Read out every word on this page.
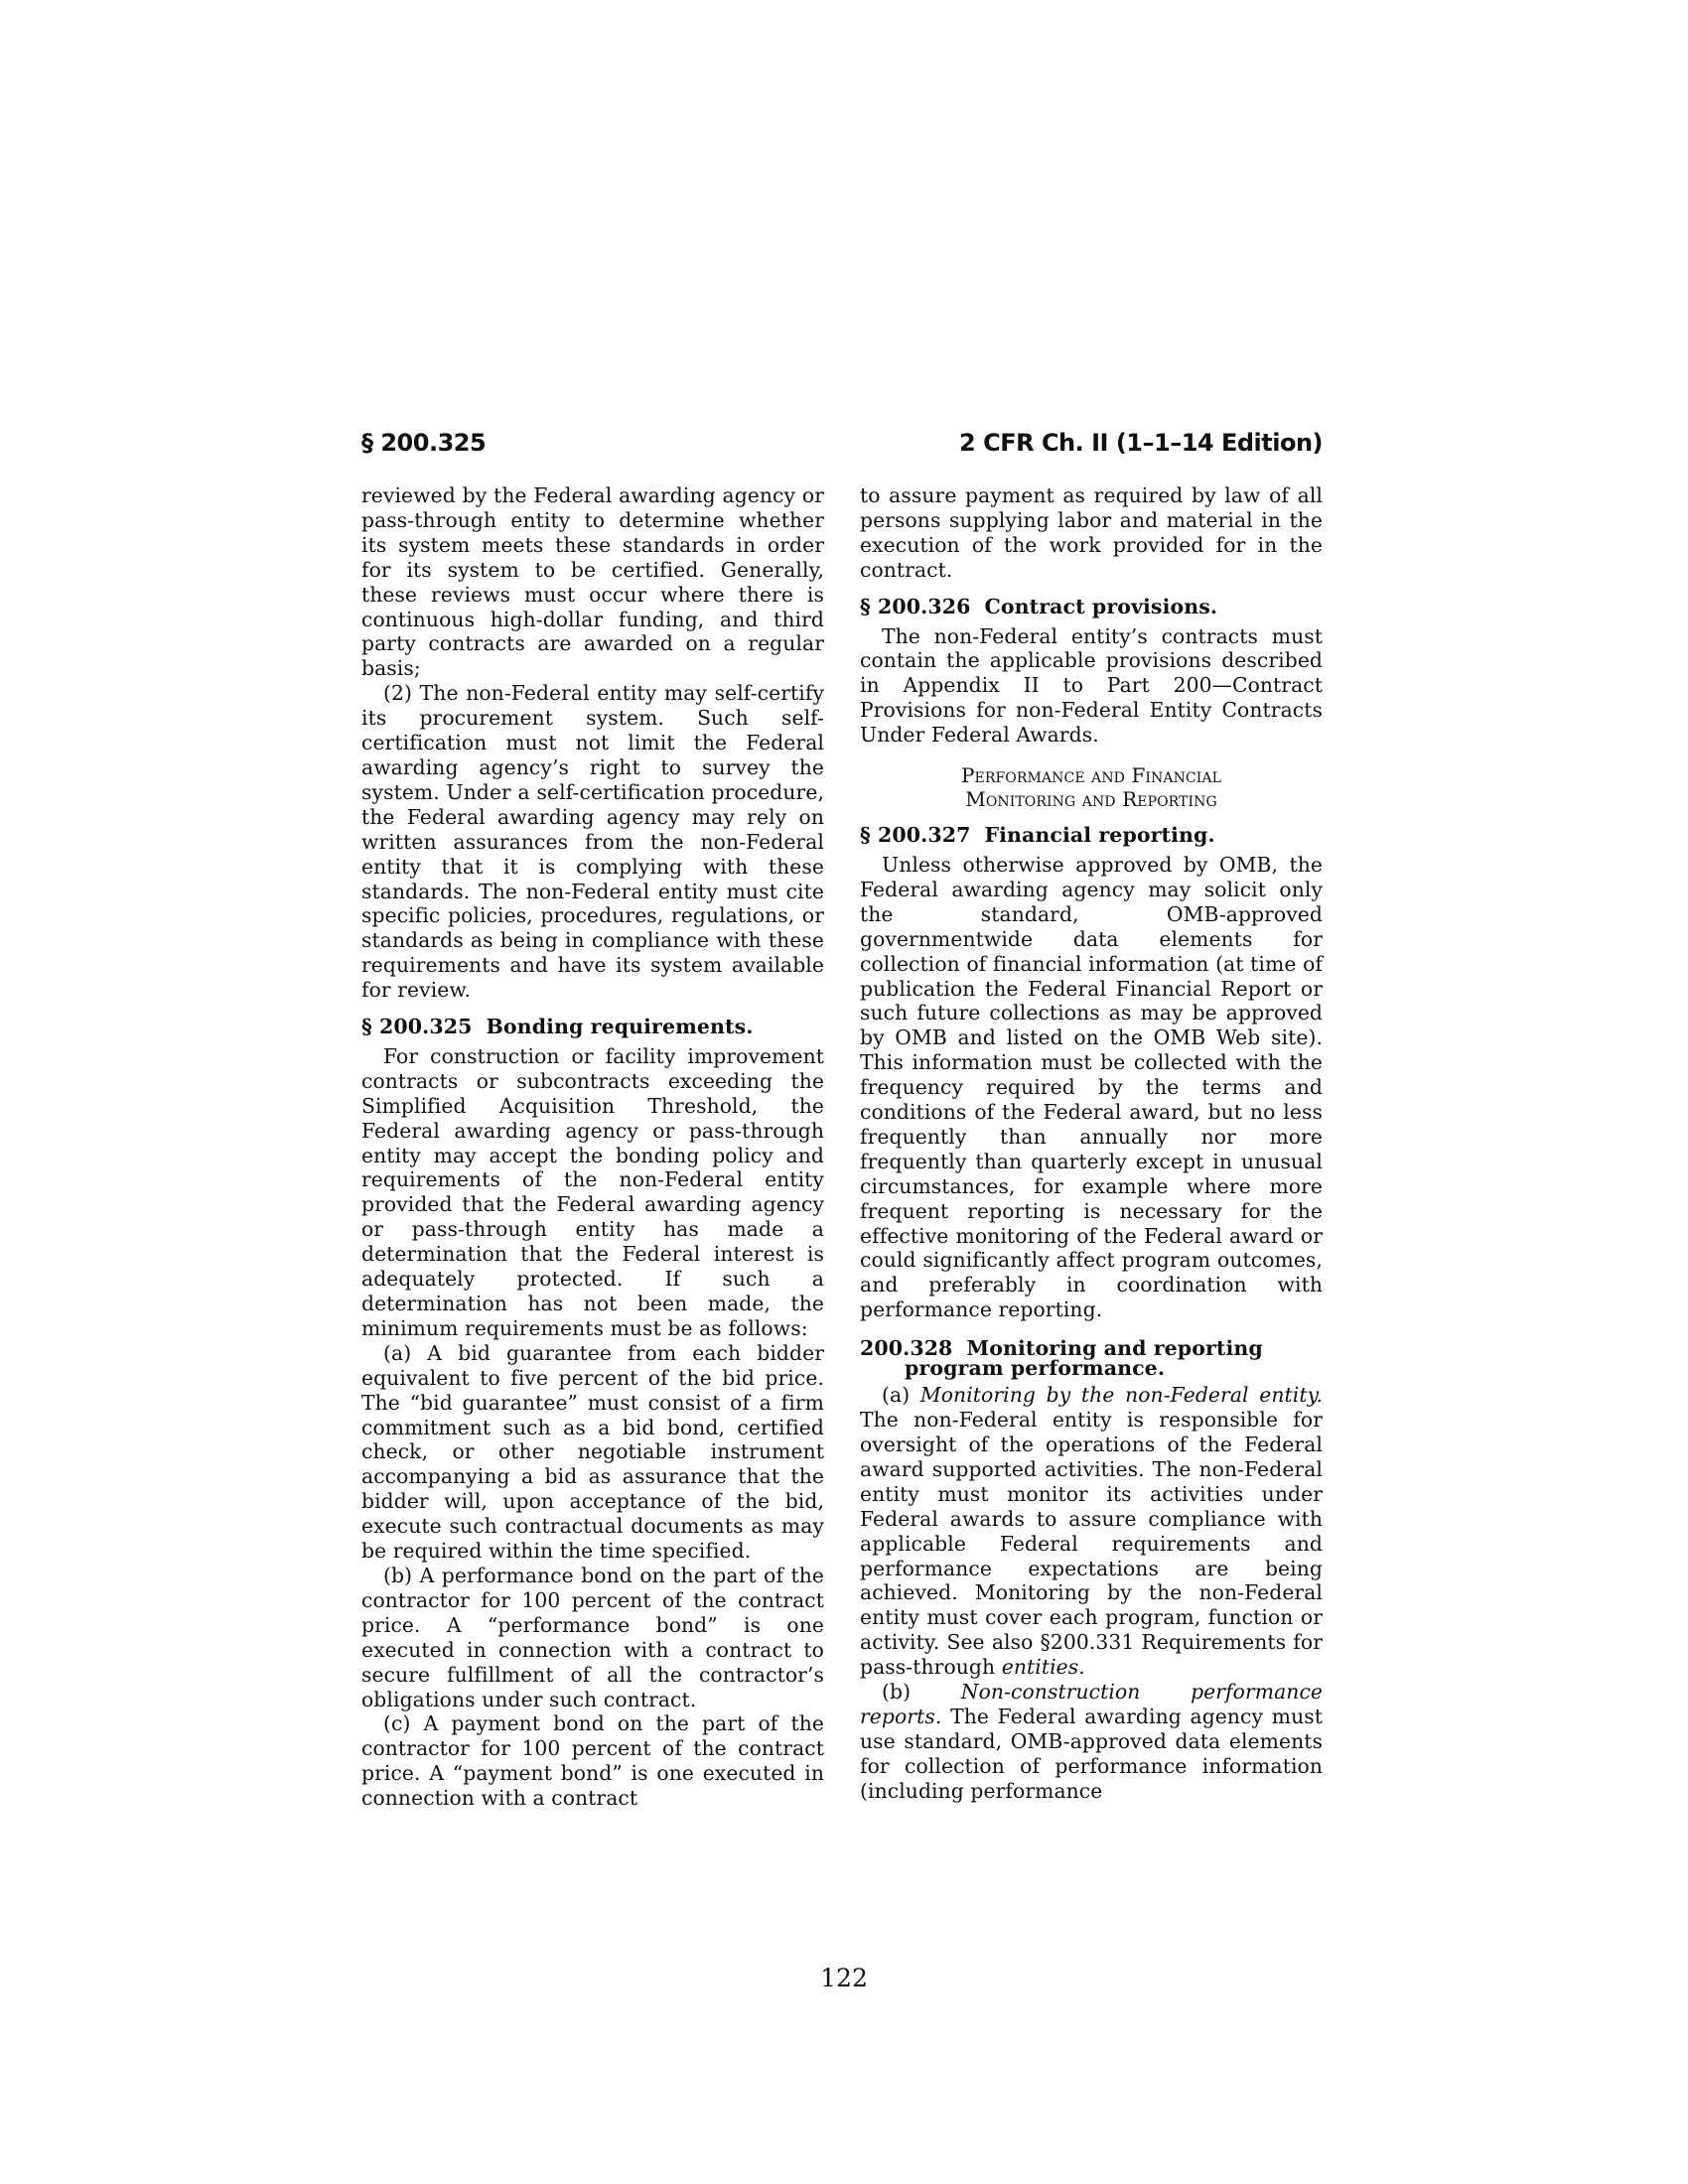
§ 200.325	2 CFR Ch. II (1–1–14 Edition)

reviewed by the Federal awarding agency or pass-through entity to determine whether its system meets these standards in order for its system to be certified. Generally, these reviews must occur where there is continuous high-dollar funding, and third party contracts are awarded on a regular basis;

(2) The non-Federal entity may self-certify its procurement system. Such self-certification must not limit the Federal awarding agency’s right to survey the system. Under a self-certification procedure, the Federal awarding agency may rely on written assurances from the non-Federal entity that it is complying with these standards. The non-Federal entity must cite specific policies, procedures, regulations, or standards as being in compliance with these requirements and have its system available for review.

§ 200.325 Bonding requirements.

For construction or facility improvement contracts or subcontracts exceeding the Simplified Acquisition Threshold, the Federal awarding agency or pass-through entity may accept the bonding policy and requirements of the non-Federal entity provided that the Federal awarding agency or pass-through entity has made a determination that the Federal interest is adequately protected. If such a determination has not been made, the minimum requirements must be as follows:

(a) A bid guarantee from each bidder equivalent to five percent of the bid price. The “bid guarantee” must consist of a firm commitment such as a bid bond, certified check, or other negotiable instrument accompanying a bid as assurance that the bidder will, upon acceptance of the bid, execute such contractual documents as may be required within the time specified.

(b) A performance bond on the part of the contractor for 100 percent of the contract price. A “performance bond” is one executed in connection with a contract to secure fulfillment of all the contractor’s obligations under such contract.

(c) A payment bond on the part of the contractor for 100 percent of the contract price. A “payment bond” is one executed in connection with a contract

to assure payment as required by law of all persons supplying labor and material in the execution of the work provided for in the contract.

§ 200.326 Contract provisions.

The non-Federal entity’s contracts must contain the applicable provisions described in Appendix II to Part 200—Contract Provisions for non-Federal Entity Contracts Under Federal Awards.

Performance and Financial
Monitoring and Reporting

§ 200.327 Financial reporting.

Unless otherwise approved by OMB, the Federal awarding agency may solicit only the standard, OMB-approved governmentwide data elements for collection of financial information (at time of publication the Federal Financial Report or such future collections as may be approved by OMB and listed on the OMB Web site). This information must be collected with the frequency required by the terms and conditions of the Federal award, but no less frequently than annually nor more frequently than quarterly except in unusual circumstances, for example where more frequent reporting is necessary for the effective monitoring of the Federal award or could significantly affect program outcomes, and preferably in coordination with performance reporting.

200.328 Monitoring and reporting program performance.

(a) Monitoring by the non-Federal entity. The non-Federal entity is responsible for oversight of the operations of the Federal award supported activities. The non-Federal entity must monitor its activities under Federal awards to assure compliance with applicable Federal requirements and performance expectations are being achieved. Monitoring by the non-Federal entity must cover each program, function or activity. See also §200.331 Requirements for pass-through entities.

(b) Non-construction performance reports. The Federal awarding agency must use standard, OMB-approved data elements for collection of performance information (including performance

122
